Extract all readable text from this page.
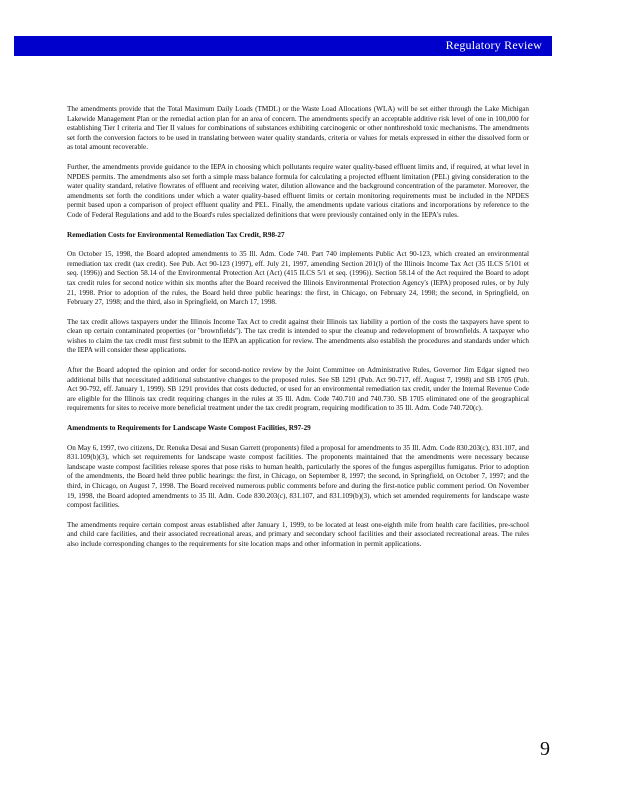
Regulatory Review

The amendments provide that the Total Maximum Daily Loads (TMDL) or the Waste Load Allocations (WLA) will be set either through the Lake Michigan Lakewide Management Plan or the remedial action plan for an area of concern. The amendments specify an acceptable additive risk level of one in 100,000 for establishing Tier I criteria and Tier II values for combinations of substances exhibiting carcinogenic or other nonthreshold toxic mechanisms. The amendments set forth the conversion factors to be used in translating between water quality standards, criteria or values for metals expressed in either the dissolved form or as total amount recoverable.

Further, the amendments provide guidance to the IEPA in choosing which pollutants require water quality-based effluent limits and, if required, at what level in NPDES permits. The amendments also set forth a simple mass balance formula for calculating a projected effluent limitation (PEL) giving consideration to the water quality standard, relative flowrates of effluent and receiving water, dilution allowance and the background concentration of the parameter. Moreover, the amendments set forth the conditions under which a water quality-based effluent limits or certain monitoring requirements must be included in the NPDES permit based upon a comparison of project effluent quality and PEL. Finally, the amendments update various citations and incorporations by reference to the Code of Federal Regulations and add to the Board's rules specialized definitions that were previously contained only in the IEPA's rules.

Remediation Costs for Environmental Remediation Tax Credit, R98-27

On October 15, 1998, the Board adopted amendments to 35 Ill. Adm. Code 740. Part 740 implements Public Act 90-123, which created an environmental remediation tax credit (tax credit). See Pub. Act 90-123 (1997), eff. July 21, 1997, amending Section 201(l) of the Illinois Income Tax Act (35 ILCS 5/101 et seq. (1996)) and Section 58.14 of the Environmental Protection Act (Act) (415 ILCS 5/1 et seq. (1996)). Section 58.14 of the Act required the Board to adopt tax credit rules for second notice within six months after the Board received the Illinois Environmental Protection Agency's (IEPA) proposed rules, or by July 21, 1998. Prior to adoption of the rules, the Board held three public hearings: the first, in Chicago, on February 24, 1998; the second, in Springfield, on February 27, 1998; and the third, also in Springfield, on March 17, 1998.

The tax credit allows taxpayers under the Illinois Income Tax Act to credit against their Illinois tax liability a portion of the costs the taxpayers have spent to clean up certain contaminated properties (or "brownfields"). The tax credit is intended to spur the cleanup and redevelopment of brownfields. A taxpayer who wishes to claim the tax credit must first submit to the IEPA an application for review. The amendments also establish the procedures and standards under which the IEPA will consider these applications.

After the Board adopted the opinion and order for second-notice review by the Joint Committee on Administrative Rules, Governor Jim Edgar signed two additional bills that necessitated additional substantive changes to the proposed rules. See SB 1291 (Pub. Act 90-717, eff. August 7, 1998) and SB 1705 (Pub. Act 90-792, eff. January 1, 1999). SB 1291 provides that costs deducted, or used for an environmental remediation tax credit, under the Internal Revenue Code are eligible for the Illinois tax credit requiring changes in the rules at 35 Ill. Adm. Code 740.710 and 740.730. SB 1705 eliminated one of the geographical requirements for sites to receive more beneficial treatment under the tax credit program, requiring modification to 35 Ill. Adm. Code 740.720(c).

Amendments to Requirements for Landscape Waste Compost Facilities, R97-29

On May 6, 1997, two citizens, Dr. Renuka Desai and Susan Garrett (proponents) filed a proposal for amendments to 35 Ill. Adm. Code 830.203(c), 831.107, and 831.109(b)(3), which set requirements for landscape waste compost facilities. The proponents maintained that the amendments were necessary because landscape waste compost facilities release spores that pose risks to human health, particularly the spores of the fungus aspergillus fumigatus. Prior to adoption of the amendments, the Board held three public hearings: the first, in Chicago, on September 8, 1997; the second, in Springfield, on October 7, 1997; and the third, in Chicago, on August 7, 1998. The Board received numerous public comments before and during the first-notice public comment period. On November 19, 1998, the Board adopted amendments to 35 Ill. Adm. Code 830.203(c), 831.107, and 831.109(b)(3), which set amended requirements for landscape waste compost facilities.

The amendments require certain compost areas established after January 1, 1999, to be located at least one-eighth mile from health care facilities, pre-school and child care facilities, and their associated recreational areas, and primary and secondary school facilities and their associated recreational areas. The rules also include corresponding changes to the requirements for site location maps and other information in permit applications.

9
